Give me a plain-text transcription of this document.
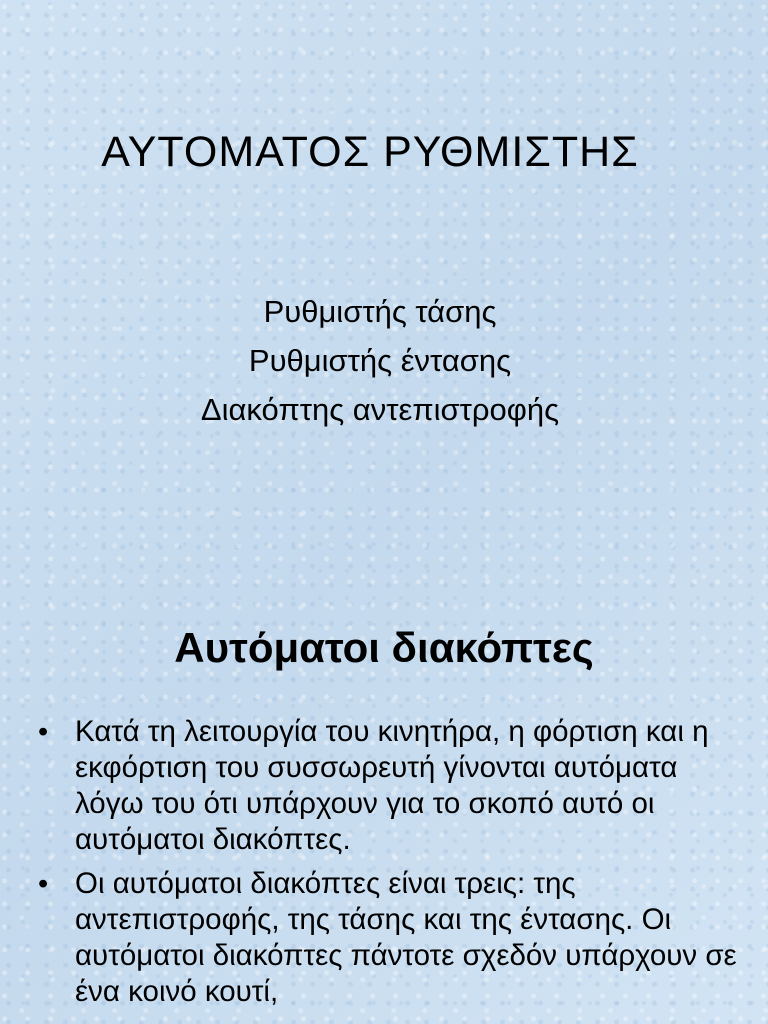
ΑΥΤΟΜΑΤΟΣ ΡΥΘΜΙΣΤΗΣ
Ρυθμιστής τάσης
Ρυθμιστής έντασης
Διακόπτης αντεπιστροφής
Αυτόματοι διακόπτες
• Κατά τη λειτουργία του κινητήρα, η φόρτιση και η εκφόρτιση του συσσωρευτή γίνονται αυτόματα λόγω του ότι υπάρχουν για το σκοπό αυτό οι αυτόματοι διακόπτες.
• Οι αυτόματοι διακόπτες είναι τρεις: της αντεπιστροφής, της τάσης και της έντασης. Οι αυτόματοι διακόπτες πάντοτε σχεδόν υπάρχουν σε ένα κοινό κουτί,
